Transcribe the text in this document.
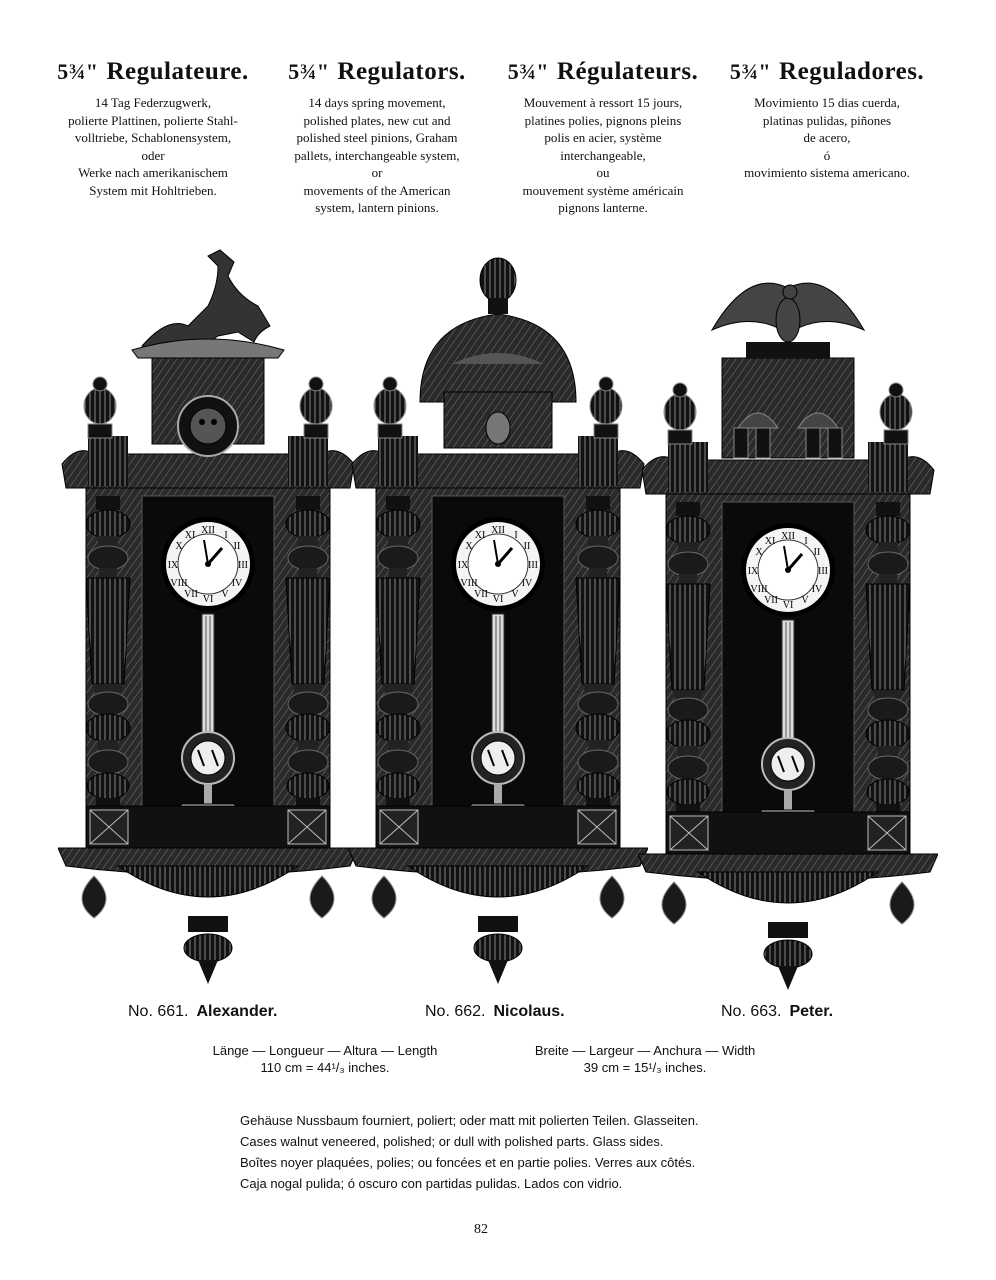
5¾" Regulateure.

14 Tag Federzugwerk,
polierte Plattinen, polierte Stahl-
volltriebe, Schablonensystem,
oder
Werke nach amerikanischem
System mit Hohltrieben.

5¾" Regulators.

14 days spring movement,
polished plates, new cut and
polished steel pinions, Graham
pallets, interchangeable system,
or
movements of the American
system, lantern pinions.

5¾" Régulateurs.

Mouvement à ressort 15 jours,
platines polies, pignons pleins
polis en acier, système
interchangeable,
ou
mouvement système américain
pignons lanterne.

5¾" Reguladores.

Movimiento 15 dias cuerda,
platinas pulidas, piñones
de acero,
ó
movimiento sistema americano.

No. 661. Alexander.	No. 662. Nicolaus.	No. 663. Peter.
Länge — Longueur — Altura — Length
110 cm = 44¹/₃ inches.
Breite — Largeur — Anchura — Width
39 cm = 15¹/₃ inches.
Gehäuse Nussbaum fourniert, poliert; oder matt mit polierten Teilen. Glasseiten.
Cases walnut veneered, polished; or dull with polished parts. Glass sides.
Boîtes noyer plaquées, polies; ou foncées et en partie polies. Verres aux côtés.
Caja nogal pulida; ó oscuro con partidas pulidas. Lados con vidrio.
82
